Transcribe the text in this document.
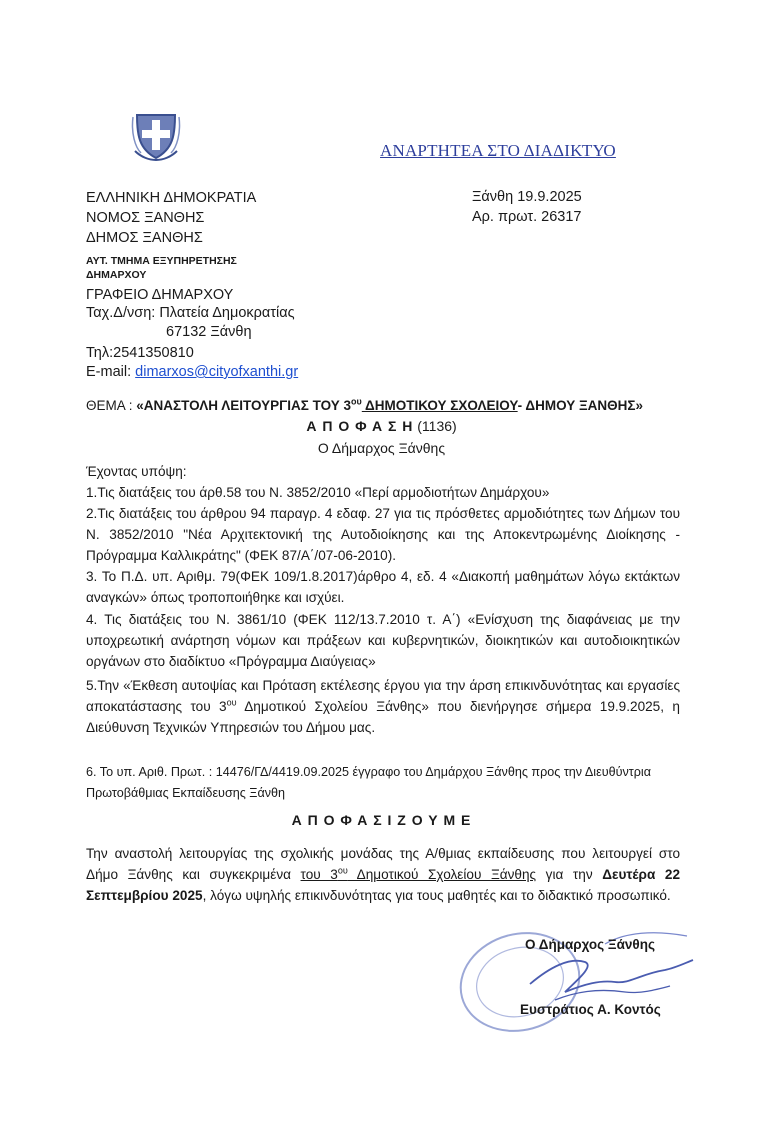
ΑΝΑΡΤΗΤΕΑ ΣΤΟ ΔΙΑΔΙΚΤΥΟ
ΕΛΛΗΝΙΚΗ ΔΗΜΟΚΡΑΤΙΑ
ΝΟΜΟΣ ΞΑΝΘΗΣ
ΔΗΜΟΣ ΞΑΝΘΗΣ
ΑΥΤ. ΤΜΗΜΑ ΕΞΥΠΗΡΕΤΗΣΗΣ
ΔΗΜΑΡΧΟΥ
ΓΡΑΦΕΙΟ ΔΗΜΑΡΧΟΥ
Ταχ.Δ/νση: Πλατεία Δημοκρατίας
67132 Ξάνθη
Τηλ:2541350810
E-mail: dimarxos@cityofxanthi.gr
Ξάνθη 19.9.2025
Αρ. πρωτ. 26317
ΘΕΜΑ : «ΑΝΑΣΤΟΛΗ ΛΕΙΤΟΥΡΓΙΑΣ ΤΟΥ $3^{o\upsilon}$ ΔΗΜΟΤΙΚΟΥ ΣΧΟΛΕΙΟΥ- ΔΗΜΟΥ ΞΑΝΘΗΣ»
Α Π Ο Φ Α Σ Η (1136)
Ο Δήμαρχος Ξάνθης
Έχοντας υπόψη:
1.Τις διατάξεις του άρθ.58 του Ν. 3852/2010 «Περί αρμοδιοτήτων Δημάρχου»
2.Τις διατάξεις του άρθρου 94 παραγρ. 4 εδαφ. 27 για τις πρόσθετες αρμοδιότητες των Δήμων του Ν. 3852/2010 "Νέα Αρχιτεκτονική της Αυτοδιοίκησης και της Αποκεντρωμένης Διοίκησης - Πρόγραμμα Καλλικράτης" (ΦΕΚ 87/Α΄/07-06-2010).
3. Το Π.Δ. υπ. Αριθμ. 79(ΦΕΚ 109/1.8.2017)άρθρο 4, εδ. 4 «Διακοπή μαθημάτων λόγω εκτάκτων αναγκών» όπως τροποποιήθηκε και ισχύει.
4. Τις διατάξεις του Ν. 3861/10 (ΦΕΚ 112/13.7.2010 τ. Α΄) «Ενίσχυση της διαφάνειας με την υποχρεωτική ανάρτηση νόμων και πράξεων και κυβερνητικών, διοικητικών και αυτοδιοικητικών οργάνων στο διαδίκτυο «Πρόγραμμα Διαύγειας»
5.Την «Έκθεση αυτοψίας και Πρόταση εκτέλεσης έργου για την άρση επικινδυνότητας και εργασίες αποκατάστασης του $3^{o\upsilon}$ Δημοτικού Σχολείου Ξάνθης» που διενήργησε σήμερα 19.9.2025, η Διεύθυνση Τεχνικών Υπηρεσιών του Δήμου μας.
6. Το υπ. Αριθ. Πρωτ. : 14476/ΓΔ/4419.09.2025 έγγραφο του Δημάρχου Ξάνθης προς την Διευθύντρια Πρωτοβάθμιας Εκπαίδευσης Ξάνθη
Α Π Ο Φ Α Σ Ι Ζ Ο Υ Μ Ε
Την αναστολή λειτουργίας της σχολικής μονάδας της Α/θμιας εκπαίδευσης που λειτουργεί στο Δήμο Ξάνθης και συγκεκριμένα του $3^{o\upsilon}$ Δημοτικού Σχολείου Ξάνθης για την Δευτέρα 22 Σεπτεμβρίου 2025, λόγω υψηλής επικινδυνότητας για τους μαθητές και το διδακτικό προσωπικό.
Ο Δήμαρχος Ξάνθης
Ευστράτιος Α. Κοντός
